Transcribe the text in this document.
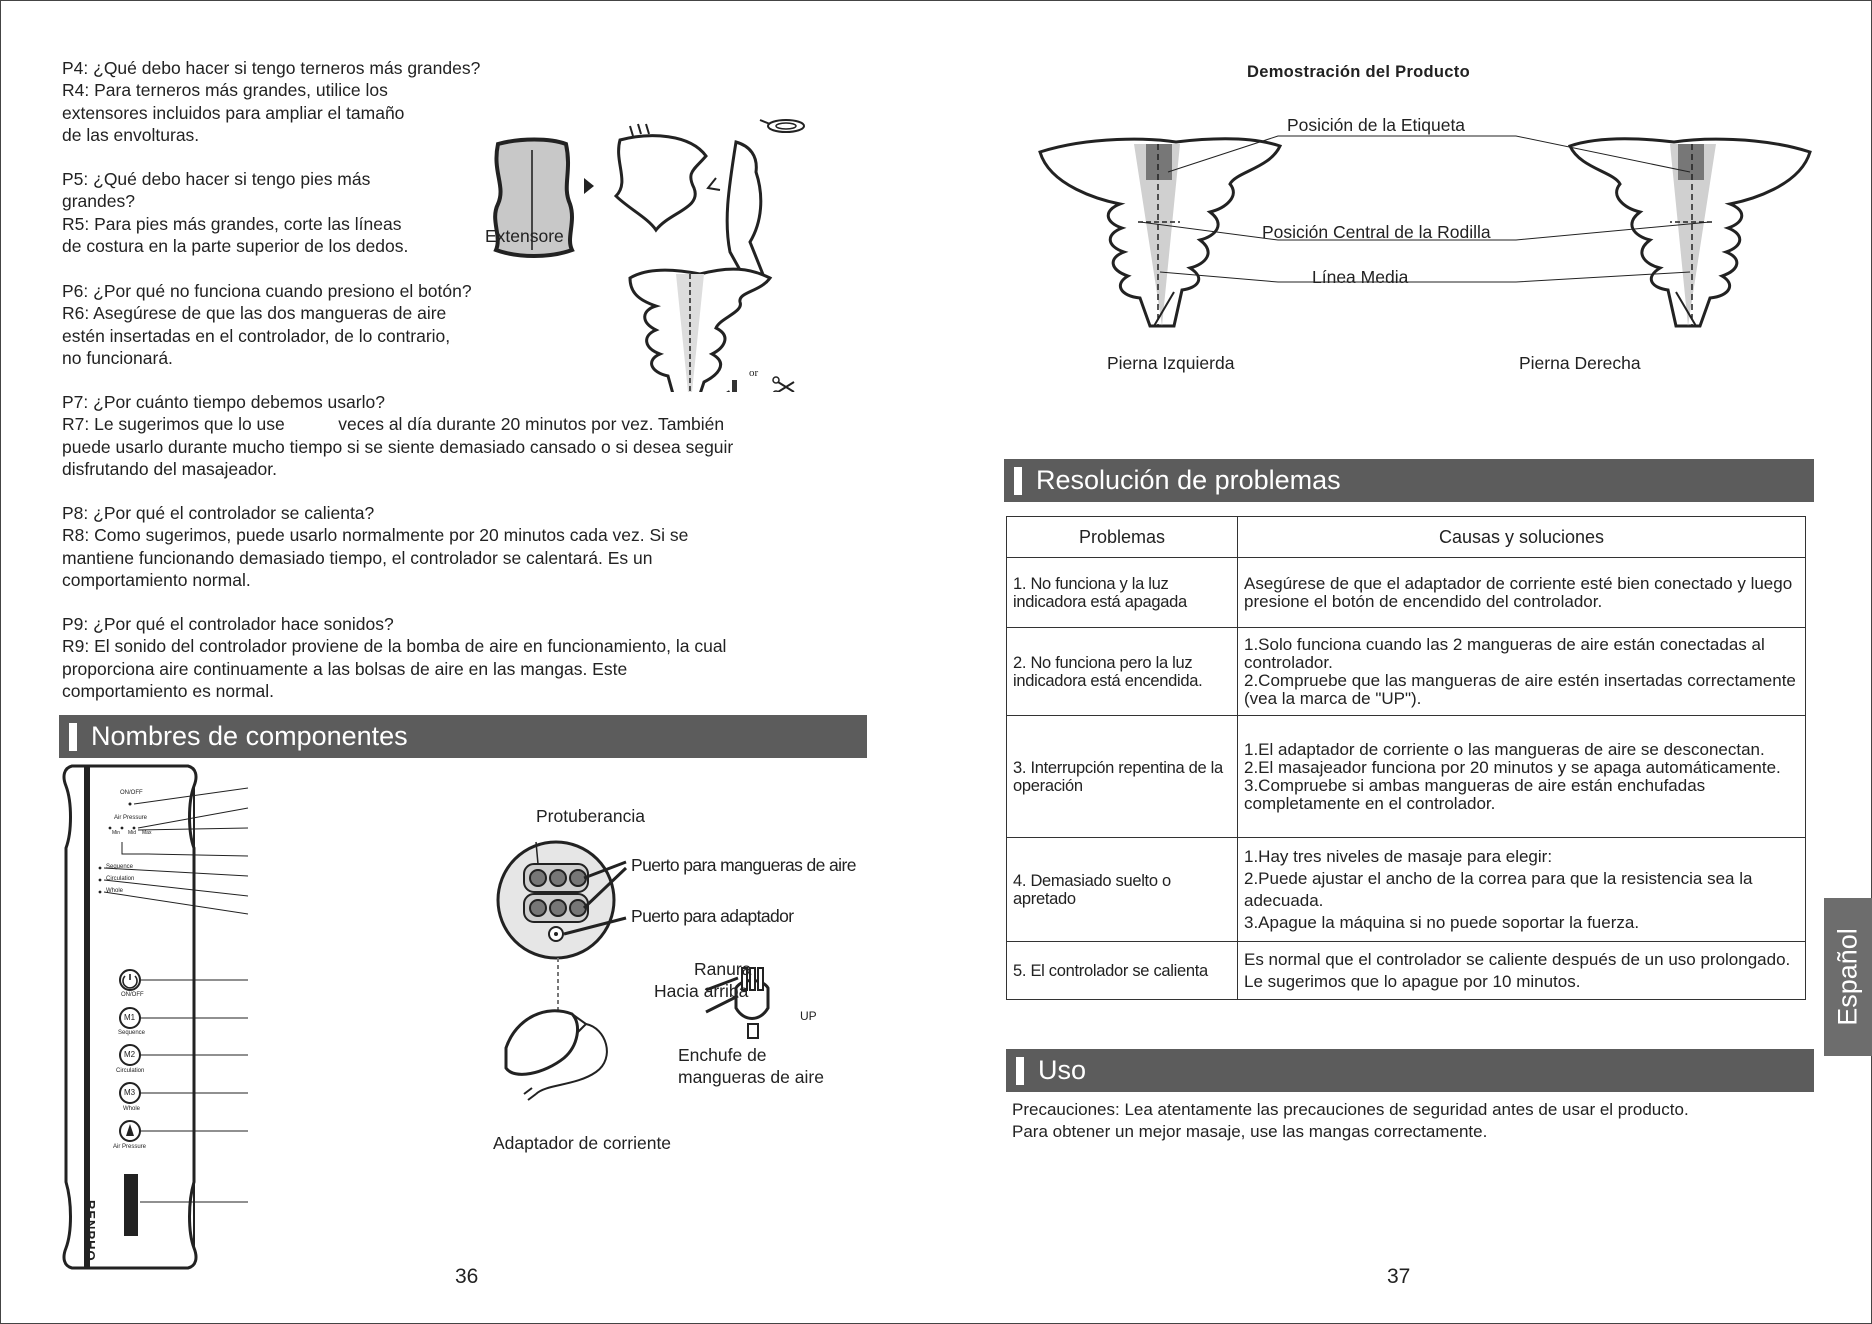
P4: ¿Qué debo hacer si tengo terneros más grandes?

R4: Para terneros más grandes, utilice los

extensores incluidos para ampliar el tamaño

de las envolturas.

P5: ¿Qué debo hacer si tengo pies más

grandes?

R5: Para pies más grandes, corte las líneas

de costura en la parte superior de los dedos.

P6: ¿Por qué no funciona cuando presiono el botón?

R6: Asegúrese de que las dos mangueras de aire

estén insertadas en el controlador, de lo contrario,

no funcionará.

P7: ¿Por cuánto tiempo debemos usarlo?

R7: Le sugerimos que lo use           veces al día durante 20 minutos por vez. También

puede usarlo durante mucho tiempo si se siente demasiado cansado o si desea seguir

disfrutando del masajeador.

P8: ¿Por qué el controlador se calienta?

R8: Como sugerimos, puede usarlo normalmente por 20 minutos cada vez. Si se

mantiene funcionando demasiado tiempo, el controlador se calentará. Es un

comportamiento normal.

P9: ¿Por qué el controlador hace sonidos?

R9: El sonido del controlador proviene de la bomba de aire en funcionamiento, la cual

proporciona aire continuamente a las bolsas de aire en las mangas. Este

comportamiento es normal.

Extensore
or
Nombres de componentes
ON/OFF
Air Pressure
Min Mid Max
Sequence
Circulation
Whole
ON/OFF
M1
Sequence
M2
Circulation
M3
Whole
Air Pressure
RENPHO
Protuberancia
Puerto para mangueras de aire
Puerto para adaptador
Ranura
Hacia arriba
UP
Enchufe de
mangueras de aire
Adaptador de corriente
36
Demostración del Producto
Posición de la Etiqueta
Posición Central de la Rodilla
Línea Media
Pierna Izquierda	Pierna Derecha
Resolución de problemas
Problemas	Causas y soluciones
1. No funciona y la luz indicadora está apagada	Asegúrese de que el adaptador de corriente esté bien conectado y luego presione el botón de encendido del controlador.

2. No funciona pero la luz indicadora está encendida.	1.Solo funciona cuando las 2 mangueras de aire están conectadas al controlador.
2.Compruebe que las mangueras de aire estén insertadas correctamente (vea la marca de "UP").

3. Interrupción repentina de la operación	1.El adaptador de corriente o las mangueras de aire se desconectan.
2.El masajeador funciona por 20 minutos y se apaga automáticamente.
3.Compruebe si ambas mangueras de aire están enchufadas completamente en el controlador.

4. Demasiado suelto o apretado	1.Hay tres niveles de masaje para elegir:
2.Puede ajustar el ancho de la correa para que la resistencia sea la adecuada.
3.Apague la máquina si no puede soportar la fuerza.

5. El controlador se calienta	Es normal que el controlador se caliente después de un uso prolongado. Le sugerimos que lo apague por 10 minutos.
Uso

Precauciones: Lea atentamente las precauciones de seguridad antes de usar el producto.

Para obtener un mejor masaje, use las mangas correctamente.

Español
37
